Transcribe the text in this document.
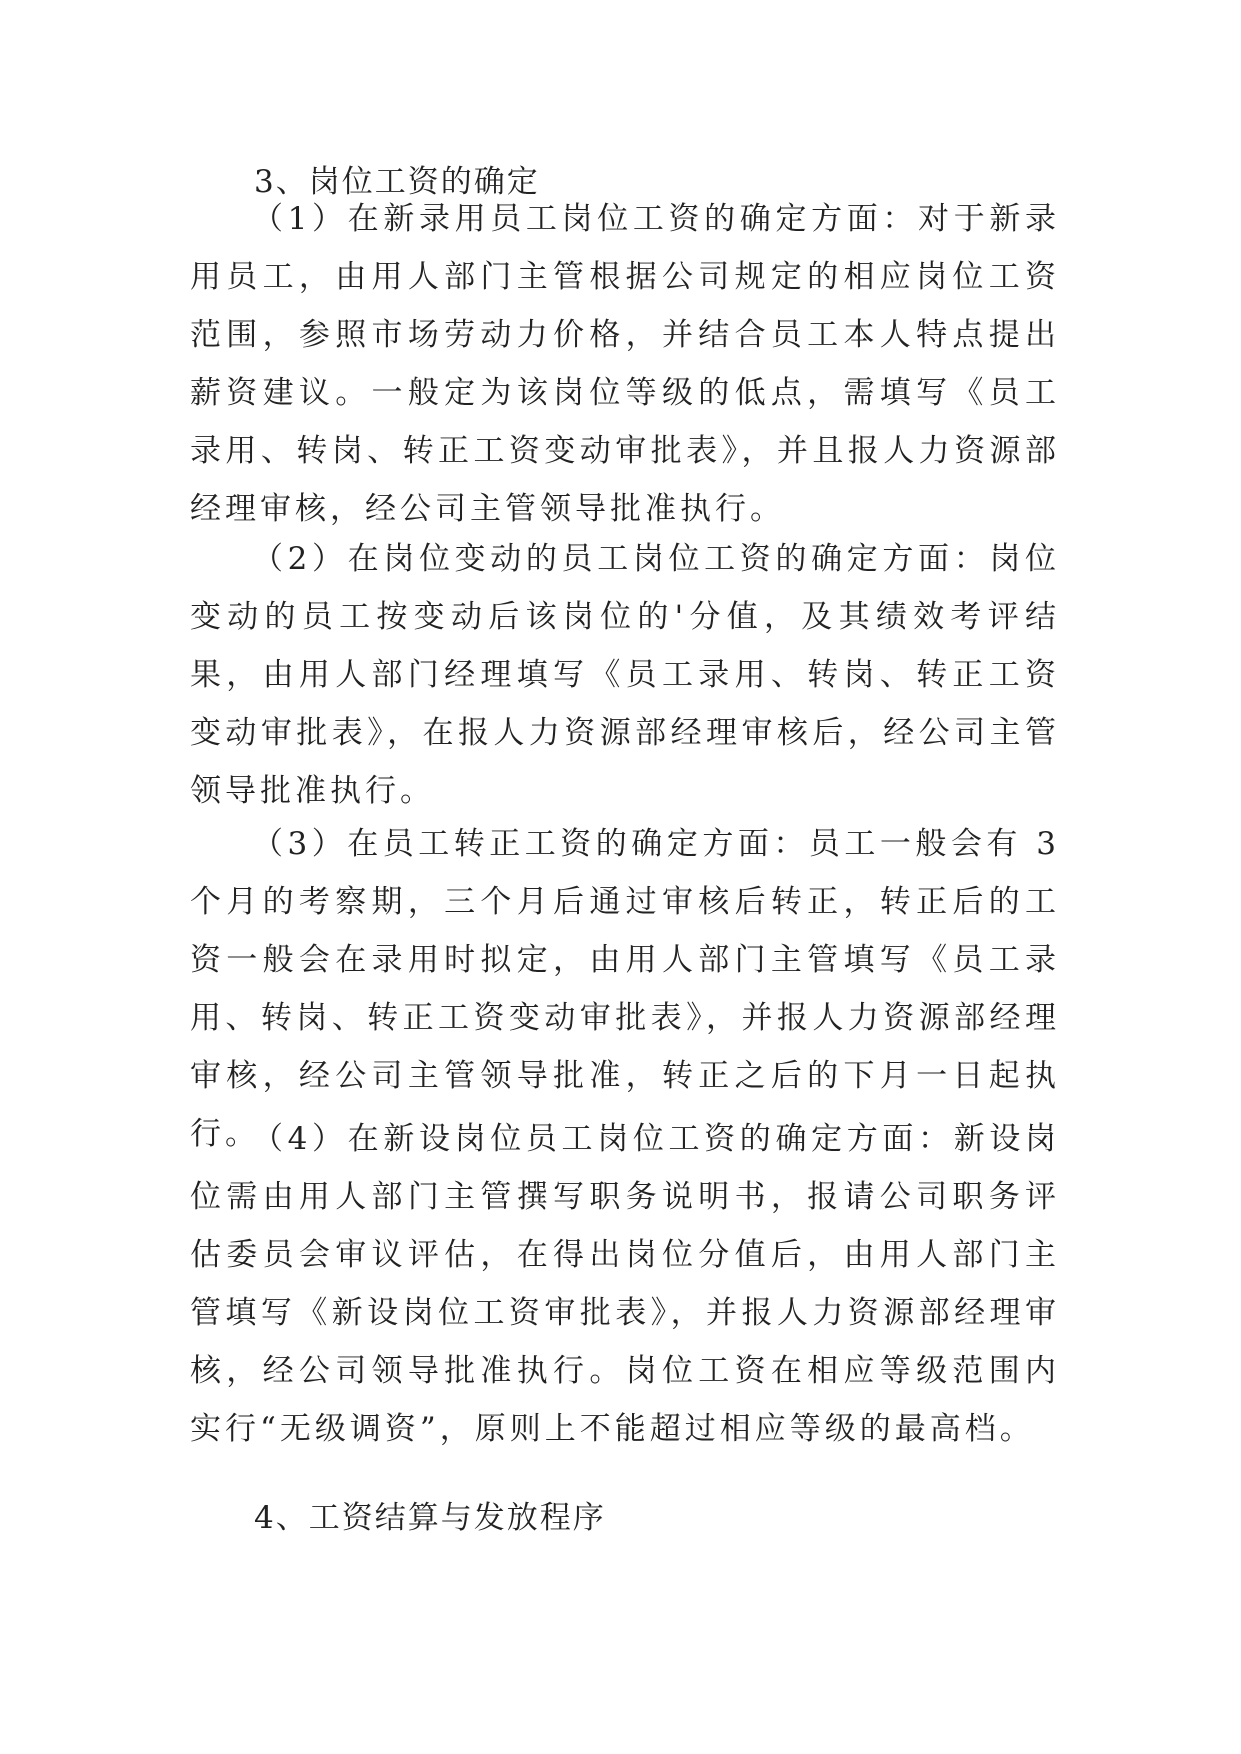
3、岗位工资的确定

（1）在新录用员工岗位工资的确定方面：对于新录用员工，由用人部门主管根据公司规定的相应岗位工资范围，参照市场劳动力价格，并结合员工本人特点提出薪资建议。一般定为该岗位等级的低点，需填写《员工录用、转岗、转正工资变动审批表》，并且报人力资源部经理审核，经公司主管领导批准执行。

（2）在岗位变动的员工岗位工资的确定方面：岗位变动的员工按变动后该岗位的'分值，及其绩效考评结果，由用人部门经理填写《员工录用、转岗、转正工资变动审批表》，在报人力资源部经理审核后，经公司主管领导批准执行。

（3）在员工转正工资的确定方面：员工一般会有 3 个月的考察期，三个月后通过审核后转正，转正后的工资一般会在录用时拟定，由用人部门主管填写《员工录用、转岗、转正工资变动审批表》，并报人力资源部经理审核，经公司主管领导批准，转正之后的下月一日起执行。

（4）在新设岗位员工岗位工资的确定方面：新设岗位需由用人部门主管撰写职务说明书，报请公司职务评估委员会审议评估，在得出岗位分值后，由用人部门主管填写《新设岗位工资审批表》，并报人力资源部经理审核，经公司领导批准执行。岗位工资在相应等级范围内实行“无级调资”，原则上不能超过相应等级的最高档。

4、工资结算与发放程序
